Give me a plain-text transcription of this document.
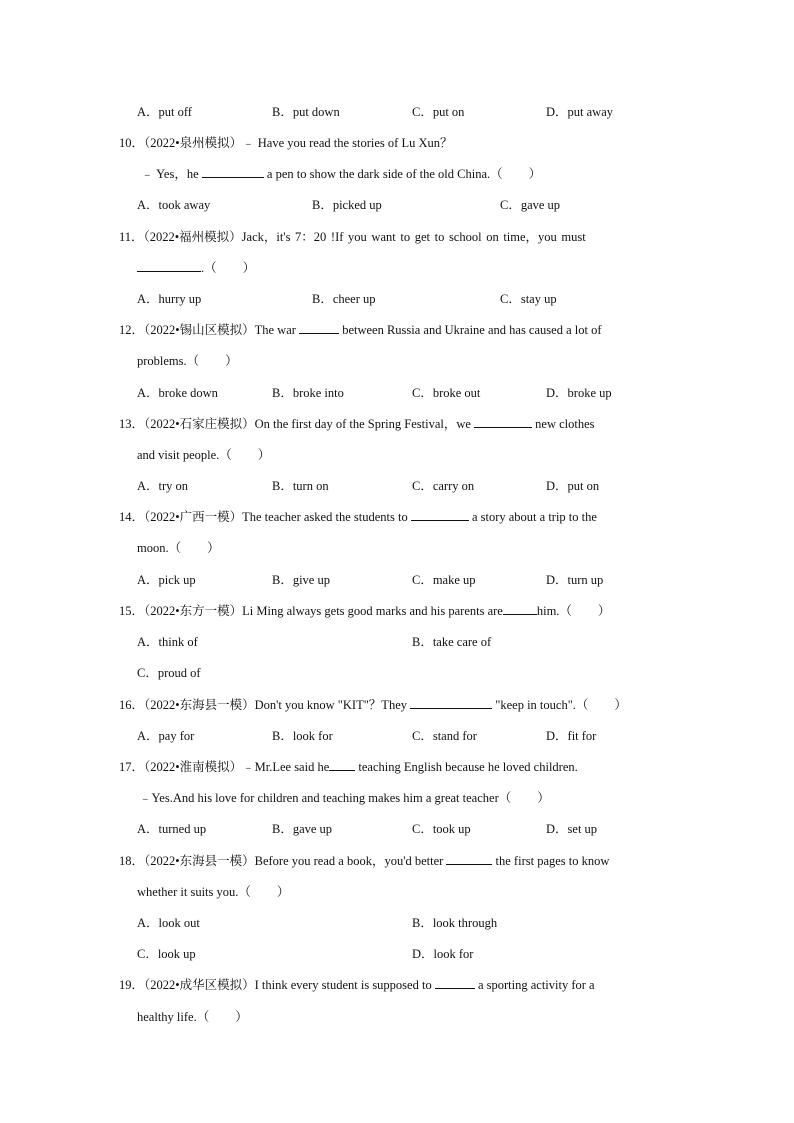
A．put off	B．put down	C．put on	D．put away
10．（2022•泉州模拟）﹣ Have you read the stories of Lu Xun？
﹣ Yes，he	a pen to show the dark side of the old China.（ ）
A．took away	B．picked up	C．gave up
11．（2022•福州模拟）Jack，it's 7：20 !If you want to get to school on time，you must
.（ ）
A．hurry up	B．cheer up	C．stay up
12．（2022•锡山区模拟）The war	between Russia and Ukraine and has caused a lot of
problems.（ ）
A．broke down	B．broke into	C．broke out	D．broke up
13．（2022•石家庄模拟）On the first day of the Spring Festival，we	new clothes
and visit people.（ ）
A．try on	B．turn on	C．carry on	D．put on
14．（2022•广西一模）The teacher asked the students to	a story about a trip to the
moon.（ ）
A．pick up	B．give up	C．make up	D．turn up
15．（2022•东方一模）Li Ming always gets good marks and his parents are	him.（ ）
A．think of	B．take care of
C．proud of
16．（2022•东海县一模）Don't you know "KIT"？They	"keep in touch".（ ）
A．pay for	B．look for	C．stand for	D．fit for
17．（2022•淮南模拟）﹣Mr.Lee said he teaching English because he loved children.
﹣Yes.And his love for children and teaching makes him a great teacher（ ）
A．turned up	B．gave up	C．took up	D．set up
18．（2022•东海县一模）Before you read a book，you'd better	the first pages to know
whether it suits you.（ ）
A．look out	B．look through
C．look up	D．look for
19．（2022•成华区模拟）I think every student is supposed to	a sporting activity for a
healthy life.（ ）
